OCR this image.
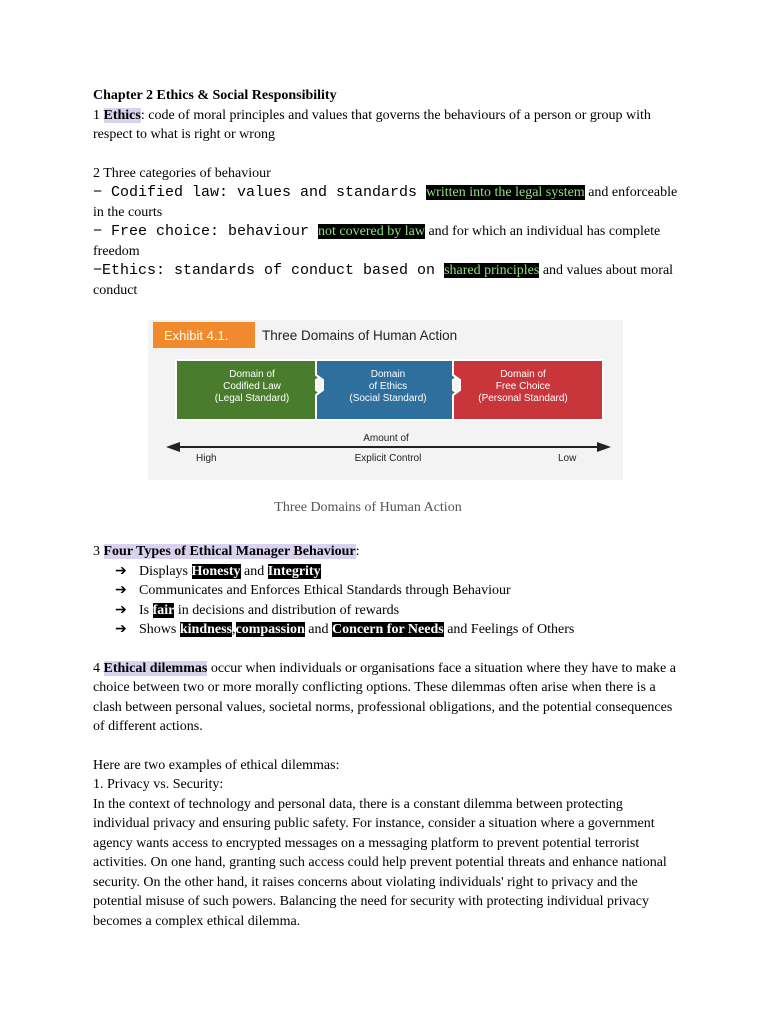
Chapter 2 Ethics & Social Responsibility

1 Ethics: code of moral principles and values that governs the behaviours of a person or group with respect to what is right or wrong

2 Three categories of behaviour

− Codified law: values and standards written into the legal system and enforceable in the courts

− Free choice: behaviour not covered by law and for which an individual has complete freedom

−Ethics: standards of conduct based on shared principles and values about moral conduct

Exhibit 4.1. Three Domains of Human Action
Domain of
Codified Law
(Legal Standard)
Domain
of Ethics
(Social Standard)
Domain of
Free Choice
(Personal Standard)
Amount of
Explicit Control
High	Low

Three Domains of Human Action

3 Four Types of Ethical Manager Behaviour:

➔ Displays Honesty and Integrity
➔ Communicates and Enforces Ethical Standards through Behaviour
➔ Is fair in decisions and distribution of rewards
➔ Shows kindness,compassion and Concern for Needs and Feelings of Others

4 Ethical dilemmas occur when individuals or organisations face a situation where they have to make a choice between two or more morally conflicting options. These dilemmas often arise when there is a clash between personal values, societal norms, professional obligations, and the potential consequences of different actions.

Here are two examples of ethical dilemmas:

1. Privacy vs. Security:

In the context of technology and personal data, there is a constant dilemma between protecting individual privacy and ensuring public safety. For instance, consider a situation where a government agency wants access to encrypted messages on a messaging platform to prevent potential terrorist activities. On one hand, granting such access could help prevent potential threats and enhance national security. On the other hand, it raises concerns about violating individuals' right to privacy and the potential misuse of such powers. Balancing the need for security with protecting individual privacy becomes a complex ethical dilemma.
